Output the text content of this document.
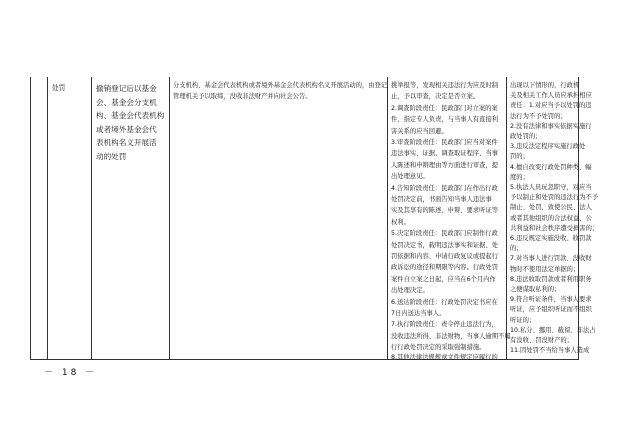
处罚	撤销登记后以基金
会、基金会分支机
构、基金会代表机构
或者境外基金会代
表机构名义开展活
动的处罚
分支机构、基金会代表机构或者境外基金会代表机构名义开展活动的，由登记
管理机关予以取缔，没收非法财产并向社会公告。
挑举报等，发现相关违法行为应及时制
止，予以审查，决定是否立案。
2.调查阶段责任：民政部门对立案的案
件，指定专人负责，与当事人有直接利
害关系的应当回避。
3.审查阶段责任：民政部门应当对案件
违法事实、证据、调查取证程序、当事
人陈述和申辩理由等方面进行审查，提
出处理意见。
4.告知阶段责任：民政部门在作出行政
处罚决定前，书面告知当事人违法事
实及其享有的陈述、申辩、要求听证等
权利。
5.决定阶段责任：民政部门应制作行政
处罚决定书，载明违法事实和证据、处
罚依据和内容、申请行政复议或提起行
政诉讼的途径和期限等内容。行政处罚
案件自立案之日起，应当在6个月内作
出处理决定。
6.送达阶段责任：行政处罚决定书应在
7日内送达当事人。
7.执行阶段责任：责令停止违法行为，
没收违法所得、非法财物，当事人逾期不履
行行政处罚决定的采取强制措施。
8.其他法律法规规章文件规定应履行的
出现以下情形的，行政机
关及相关工作人员应承担相应
责任：1.对应当予以处罚的违
法行为不予处罚的；
2.没有法律和事实依据实施行
政处罚的；
3.违反法定程序实施行政处
罚的；
4.擅自改变行政处罚种类、幅
度的；
5.执法人员玩忽职守，对应当
予以制止和处罚的违法行为不予
制止、处罚，致使公民、法人
或者其他组织的合法权益、公
共利益和社会秩序遭受损害的；
6.违反规定实施没收、收罚款
的；
7.对当事人进行罚款、没收财
物时不使用法定单据的；
8.违法收取罚款或者利用职务
之便谋取私利的；
9.符合听证条件，当事人要求
听证，应予组织听证而不组织
听证的；
10.私分、挪用、截留、非法占
有没收、罚没财产的；
11.因处罚不当给当事人造成
－ 18 －
